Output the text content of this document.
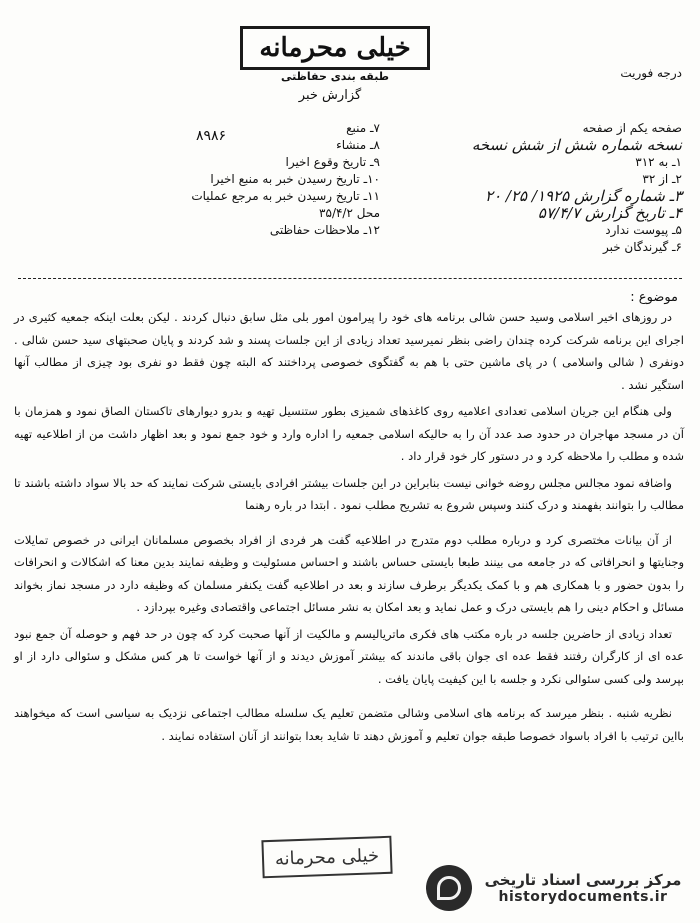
خیلی محرمانه
طبقه بندی حفاظتی
گزارش خبر
درجه فوریت
صفحه یکم از صفحه
نسخه شماره شش از شش نسخه
۱ـ به ۳۱۲
۲ـ از ۳۲
۳ـ شماره گزارش ۱۹۲۵/ ۲۵/ ۲۰
۴ـ تاریخ گزارش ۵۷/۴/۷
۵ـ پیوست ندارد
۶ـ گیرندگان خبر
۷ـ منبع
۸ـ منشاء
۹ـ تاریخ وقوع اخیرا
۱۰ـ تاریخ رسیدن خبر به منبع اخیرا
۱۱ـ تاریخ رسیدن خبر به مرجع عملیات
محل ۳۵/۴/۲
۱۲ـ ملاحظات حفاظتی
۸۹۸۶
موضوع :

در روزهای اخیر اسلامی وسید حسن شالی برنامه های خود را پیرامون امور بلی مثل سابق دنبال کردند . لیکن بعلت اینکه جمعیه کثیری در اجرای این برنامه شرکت کرده چندان راضی بنظر نمیرسید تعداد زیادی از این جلسات پسند و شد کردند و پایان صحبتهای سید حسن شالی . دونفری ( شالی واسلامی ) در پای ماشین حتی با هم به گفتگوی خصوصی پرداختند که البته چون فقط دو نفری بود چیزی از مطالب آنها استگیر نشد .

ولی هنگام این جریان اسلامی تعدادی اعلامیه روی کاغذهای شمیزی بطور ستنسیل تهیه و بدرو دیوارهای تاکستان الصاق نمود و همزمان با آن در مسجد مهاجران در حدود صد عدد آن را به حالیکه اسلامی جمعیه را اداره وارد و خود جمع نمود و بعد اظهار داشت من از اطلاعیه تهیه شده و مطلب را ملاحظه کرد و در دستور کار خود قرار داد .

واضافه نمود مجالس مجلس روضه خوانی نیست بنابراین در این جلسات بیشتر افرادی بایستی شرکت نمایند که حد بالا سواد داشته باشند تا مطالب را بتوانند بفهمند و درک کنند وسپس شروع به تشریح مطلب نمود . ابتدا در باره رهنما

از آن بیانات مختصری کرد و درباره مطلب دوم متدرج در اطلاعیه گفت هر فردی از افراد بخصوص مسلمانان ایرانی در خصوص تمایلات وجنایتها و انحرافاتی که در جامعه می بینند طبعا بایستی حساس باشند و احساس مسئولیت و وظیفه نمایند بدین معنا که اشکالات و انحرافات را بدون حضور و با همکاری هم و با کمک یکدیگر برطرف سازند و بعد در اطلاعیه گفت یکنفر مسلمان که وظیفه دارد در مسجد نماز بخواند مسائل و احکام دینی را هم بایستی درک و عمل نماید و بعد امکان به نشر مسائل اجتماعی واقتصادی وغیره بپردازد .

تعداد زیادی از حاضرین جلسه در باره مکتب های فکری ماتریالیسم و مالکیت از آنها صحبت کرد که چون در حد فهم و حوصله آن جمع نبود عده ای از کارگران رفتند فقط عده ای جوان باقی ماندند که بیشتر آموزش دیدند و از آنها خواست تا هر کس مشکل و سئوالی دارد از او بپرسد ولی کسی سئوالی نکرد و جلسه با این کیفیت پایان یافت .

نظریه شنبه . بنظر میرسد که برنامه های اسلامی وشالی متضمن تعلیم یک سلسله مطالب اجتماعی نزدیک به سیاسی است که میخواهند بااین ترتیب با افراد باسواد خصوصا طبقه جوان تعلیم و آموزش دهند تا شاید بعدا بتوانند از آنان استفاده نمایند .

خیلی محرمانه
مرکز بررسی اسناد تاریخی
historydocuments.ir
